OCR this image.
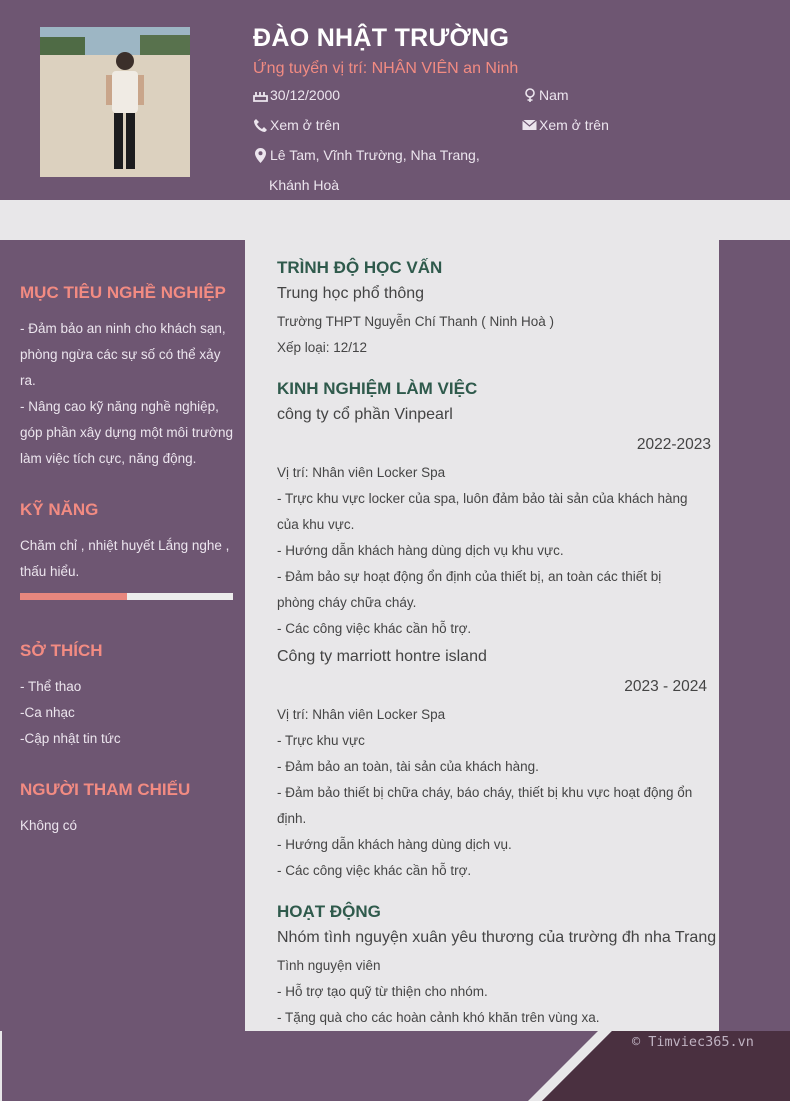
ĐÀO NHẬT TRƯỜNG
Ứng tuyển vị trí: NHÂN VIÊN an Ninh
30/12/2000	Nam
Xem ở trên	Xem ở trên
Lê Tam, Vĩnh Trường, Nha Trang,
Khánh Hoà
MỤC TIÊU NGHỀ NGHIỆP
- Đảm bảo an ninh cho khách sạn,
phòng ngừa các sự số có thể xảy
ra.
- Nâng cao kỹ năng nghề nghiệp,
góp phần xây dựng một môi trường
làm việc tích cực, năng động.
KỸ NĂNG
Chăm chỉ , nhiệt huyết Lắng nghe ,
thấu hiểu.
SỞ THÍCH
- Thể thao
-Ca nhạc
-Cập nhật tin tức
NGƯỜI THAM CHIẾU
Không có
TRÌNH ĐỘ HỌC VẤN
Trung học phổ thông
Trường THPT Nguyễn Chí Thanh ( Ninh Hoà )
Xếp loại: 12/12
KINH NGHIỆM LÀM VIỆC
công ty cổ phần Vinpearl
2022-2023
Vị trí: Nhân viên Locker Spa
- Trực khu vực locker của spa, luôn đảm bảo tài sản của khách hàng
của khu vực.
- Hướng dẫn khách hàng dùng dịch vụ khu vực.
- Đảm bảo sự hoạt động ổn định của thiết bị, an toàn các thiết bị
phòng cháy chữa cháy.
- Các công việc khác cần hỗ trợ.
Công ty marriott hontre island
2023 - 2024
Vị trí: Nhân viên Locker Spa
- Trực khu vực
- Đảm bảo an toàn, tài sản của khách hàng.
- Đảm bảo thiết bị chữa cháy, báo cháy, thiết bị khu vực hoạt động ổn
định.
- Hướng dẫn khách hàng dùng dịch vụ.
- Các công việc khác cần hỗ trợ.
HOẠT ĐỘNG
Nhóm tình nguyện xuân yêu thương của trường đh nha Trang
Tình nguyện viên
- Hỗ trợ tạo quỹ từ thiện cho nhóm.
- Tặng quà cho các hoàn cảnh khó khăn trên vùng xa.
© Timviec365.vn
